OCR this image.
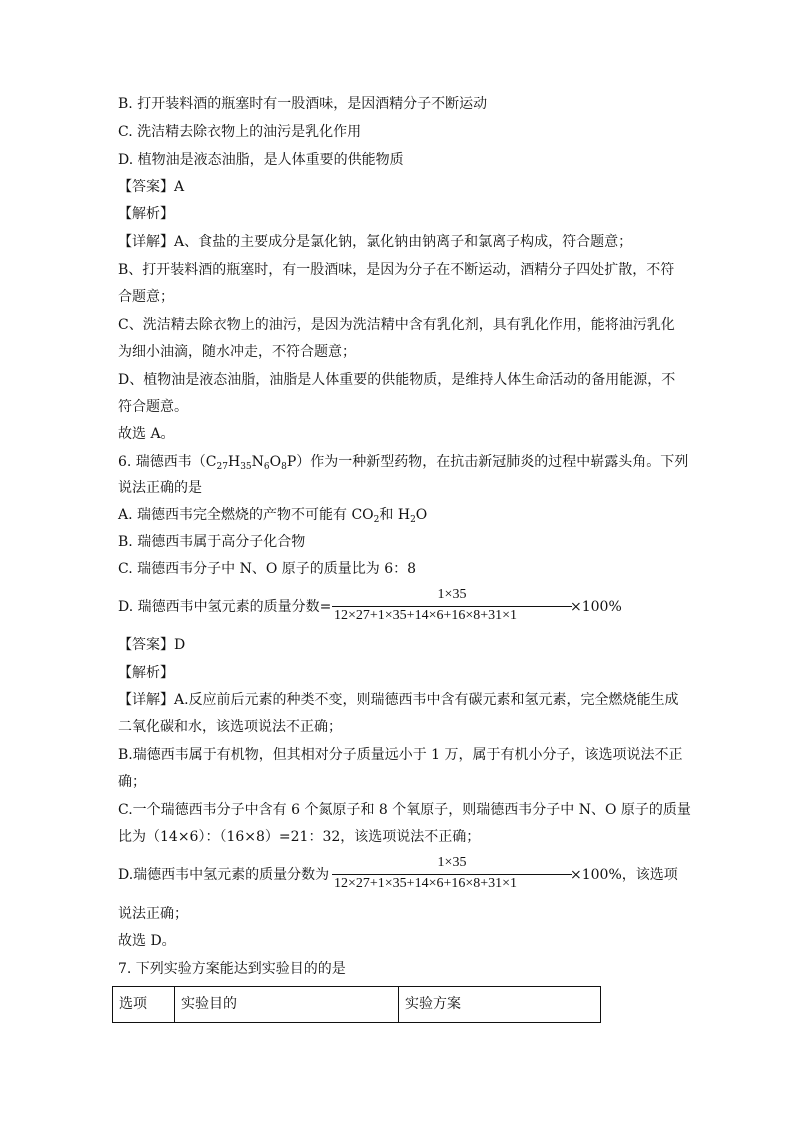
B. 打开装料酒的瓶塞时有一股酒味，是因酒精分子不断运动
C. 洗洁精去除衣物上的油污是乳化作用
D. 植物油是液态油脂，是人体重要的供能物质
【答案】A
【解析】
【详解】A、食盐的主要成分是氯化钠，氯化钠由钠离子和氯离子构成，符合题意；
B、打开装料酒的瓶塞时，有一股酒味，是因为分子在不断运动，酒精分子四处扩散，不符
合题意；
C、洗洁精去除衣物上的油污，是因为洗洁精中含有乳化剂，具有乳化作用，能将油污乳化
为细小油滴，随水冲走，不符合题意；
D、植物油是液态油脂，油脂是人体重要的供能物质，是维持人体生命活动的备用能源，不
符合题意。
故选 A。
6. 瑞德西韦$(C_{27}H_{35}N_6O_8P)$作为一种新型药物，在抗击新冠肺炎的过程中崭露头角。下列
说法正确的是
A. 瑞德西韦完全燃烧的产物不可能有 $CO_2$和 $H_2O$
B. 瑞德西韦属于高分子化合物
C. 瑞德西韦分子中 N、O 原子的质量比为 6：8
D. 瑞德西韦中氢元素的质量分数=
1×35
12×27+1×35+14×6+16×8+31×1
×100%
【答案】D
【解析】
【详解】A.反应前后元素的种类不变，则瑞德西韦中含有碳元素和氢元素，完全燃烧能生成
二氧化碳和水，该选项说法不正确；
B.瑞德西韦属于有机物，但其相对分子质量远小于 1 万，属于有机小分子，该选项说法不正
确；
C.一个瑞德西韦分子中含有 6 个氮原子和 8 个氧原子，则瑞德西韦分子中 N、O 原子的质量
比为（14×6）：（16×8）=21：32，该选项说法不正确；
D.瑞德西韦中氢元素的质量分数为
1×35
12×27+1×35+14×6+16×8+31×1
×100%，该选项
说法正确；
故选 D。
7. 下列实验方案能达到实验目的的是
选项	实验目的	实验方案
